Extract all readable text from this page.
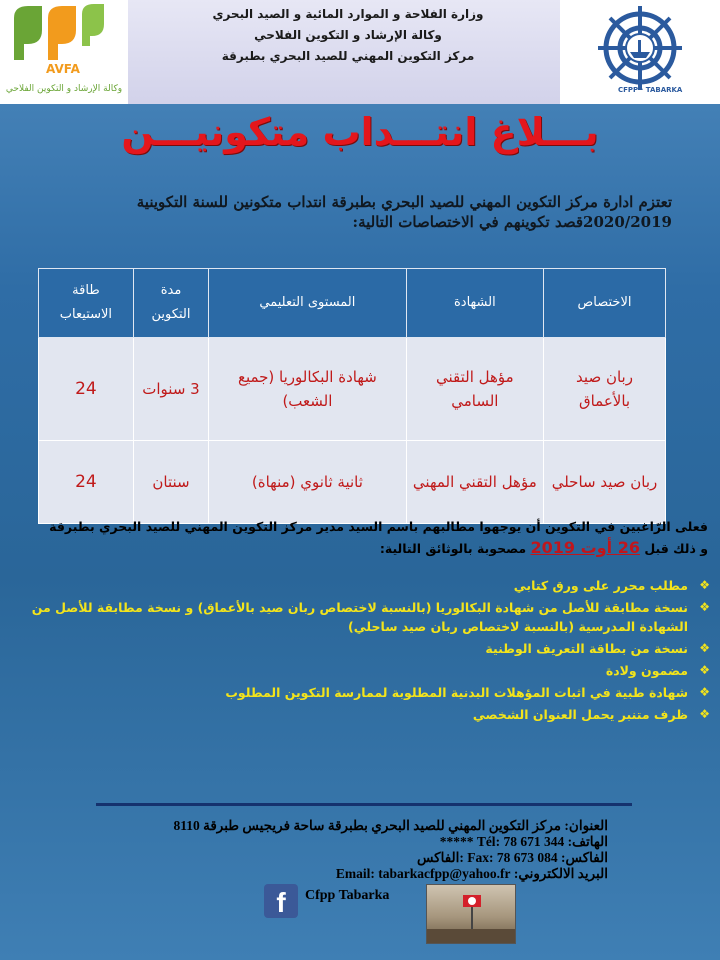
AVFA
وكالة الإرشاد و التكوين الفلاحي
وزارة الفلاحة و الموارد المائية و الصيد البحري
وكالة الإرشاد و التكوين الفلاحي
مركز التكوين المهني للصيد البحري بطبرقة
CFPP · TABARKA
بـــلاغ انتـــداب متكونيـــن
تعتزم ادارة مركز التكوين المهني للصيد البحري بطبرقة انتداب متكونين للسنة التكوينية 2020/2019قصد تكوينهم في الاختصاصات التالية:
الاختصاص	الشهادة	المستوى التعليمي	مدة التكوين	طاقة الاستيعاب
ربان صيد بالأعماق	مؤهل التقني السامي	شهادة البكالوريا (جميع الشعب)	3 سنوات	24
ربان صيد ساحلي	مؤهل التقني المهني	ثانية ثانوي (منهاة)	سنتان	24
فعلى الرّاغبين في التكوين أن يوجهوا مطالبهم باسم السيد مدير مركز التكوين المهني للصيد البحري بطبرقة
و ذلك قبل 26 أوت 2019 مصحوبة بالوثائق التالية:
❖
مطلب محرر على ورق كتابي
❖
نسخة مطابقة للأصل من شهادة البكالوريا (بالنسبة لاختصاص ربان صيد بالأعماق) و نسخة مطابقة للأصل من الشهادة المدرسية (بالنسبة لاختصاص ربان صيد ساحلي)
❖
نسخة من بطاقة التعريف الوطنية
❖
مضمون ولادة
❖
شهادة طبية في اثبات المؤهلات البدنية المطلوبة لممارسة التكوين المطلوب
❖
ظرف متنبر يحمل العنوان الشخصي
العنوان: مركز التكوين المهني للصيد البحري بطبرقة ساحة فريجيس طبرقة 8110
الهاتف: 344 671 78 :Tél *****
الفاكس: Fax: 78 673 084 :الفاكس
البريد الالكتروني: Email: tabarkacfpp@yahoo.fr
f	Cfpp Tabarka
